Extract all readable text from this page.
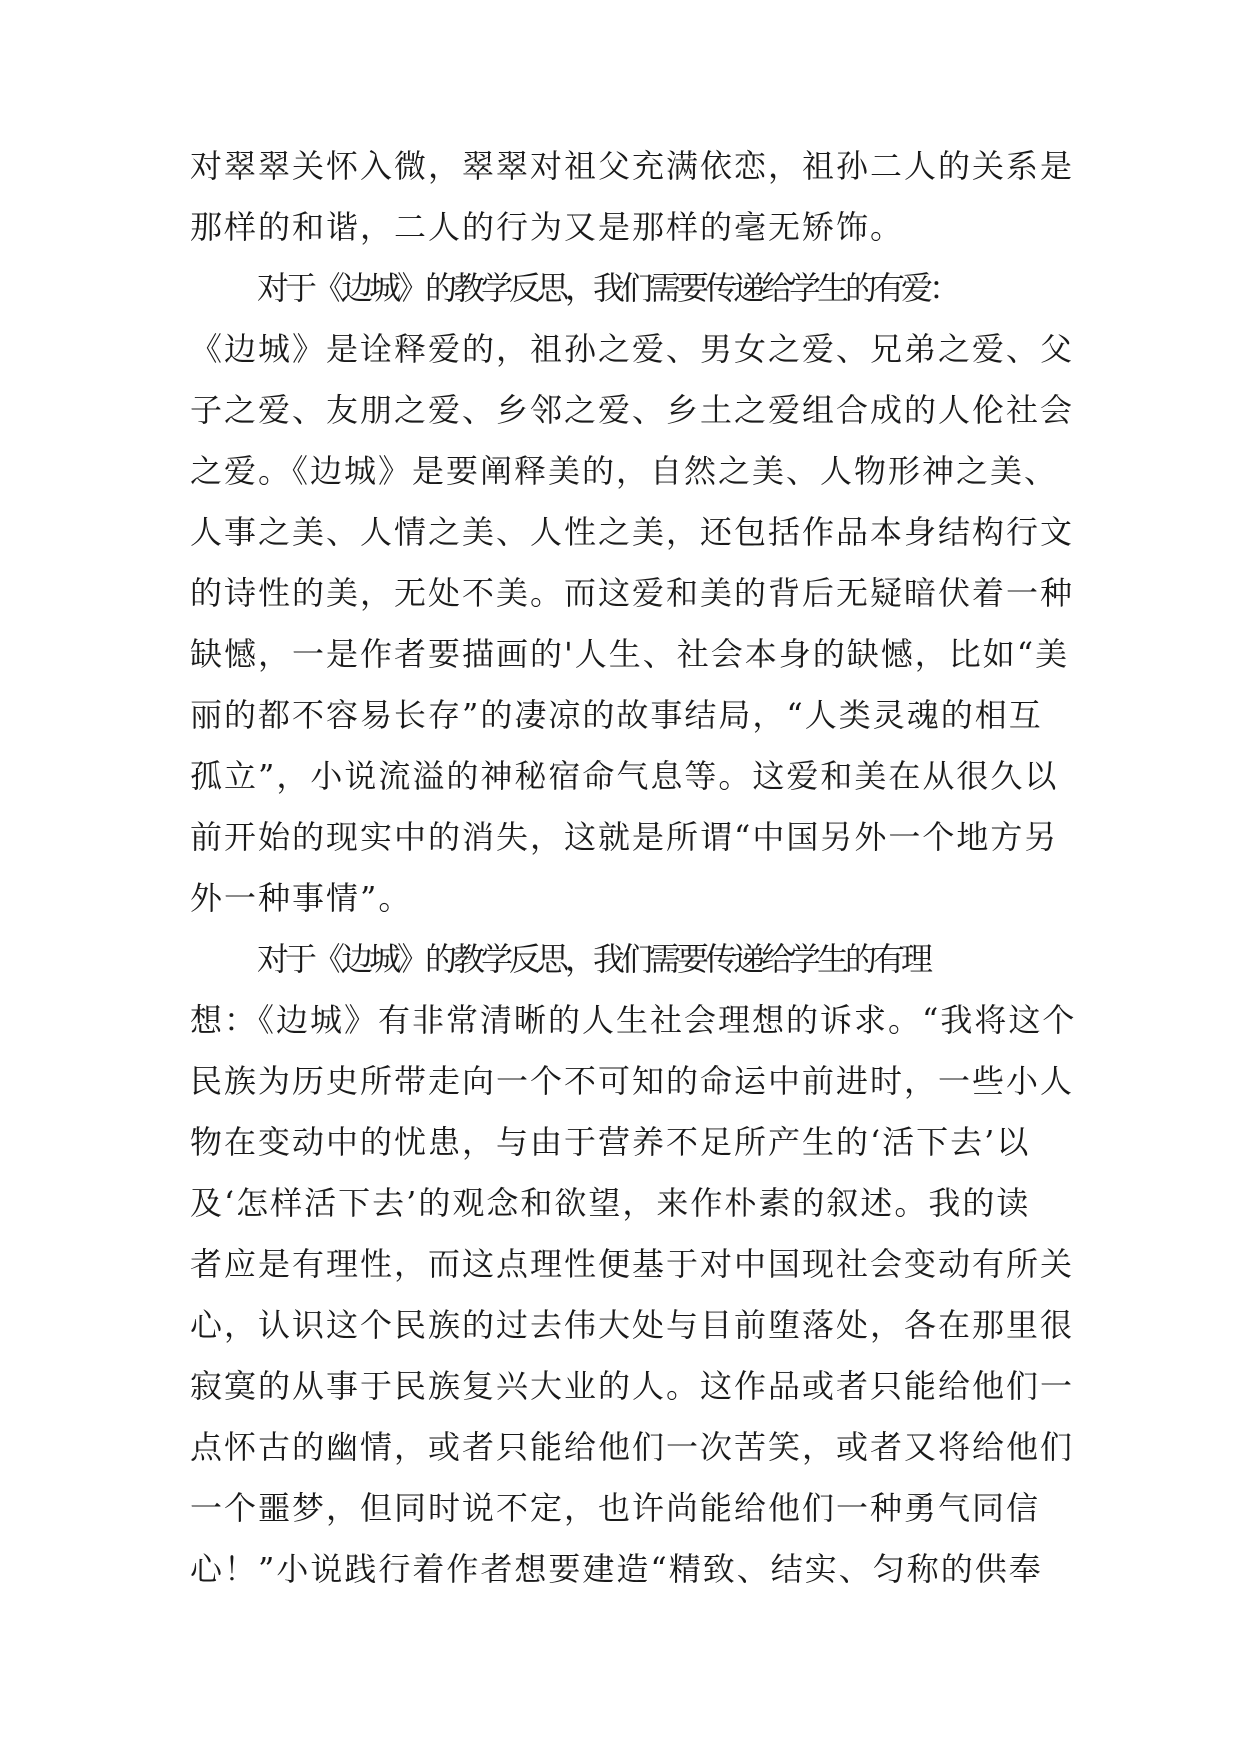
对翠翠关怀入微，翠翠对祖父充满依恋，祖孙二人的关系是
那样的和谐，二人的行为又是那样的毫无矫饰。
对于《边城》的教学反思，我们需要传递给学生的有爱：
《边城》是诠释爱的，祖孙之爱、男女之爱、兄弟之爱、父
子之爱、友朋之爱、乡邻之爱、乡土之爱组合成的人伦社会
之爱。《边城》是要阐释美的，自然之美、人物形神之美、
人事之美、人情之美、人性之美，还包括作品本身结构行文
的诗性的美，无处不美。而这爱和美的背后无疑暗伏着一种
缺憾，一是作者要描画的'人生、社会本身的缺憾，比如“美
丽的都不容易长存”的凄凉的故事结局，“人类灵魂的相互
孤立”，小说流溢的神秘宿命气息等。这爱和美在从很久以
前开始的现实中的消失，这就是所谓“中国另外一个地方另
外一种事情”。
对于《边城》的教学反思，我们需要传递给学生的有理
想：《边城》有非常清晰的人生社会理想的诉求。“我将这个
民族为历史所带走向一个不可知的命运中前进时，一些小人
物在变动中的忧患，与由于营养不足所产生的‘活下去’以
及‘怎样活下去’的观念和欲望，来作朴素的叙述。我的读
者应是有理性，而这点理性便基于对中国现社会变动有所关
心，认识这个民族的过去伟大处与目前堕落处，各在那里很
寂寞的从事于民族复兴大业的人。这作品或者只能给他们一
点怀古的幽情，或者只能给他们一次苦笑，或者又将给他们
一个噩梦，但同时说不定，也许尚能给他们一种勇气同信
心！”小说践行着作者想要建造“精致、结实、匀称的供奉
